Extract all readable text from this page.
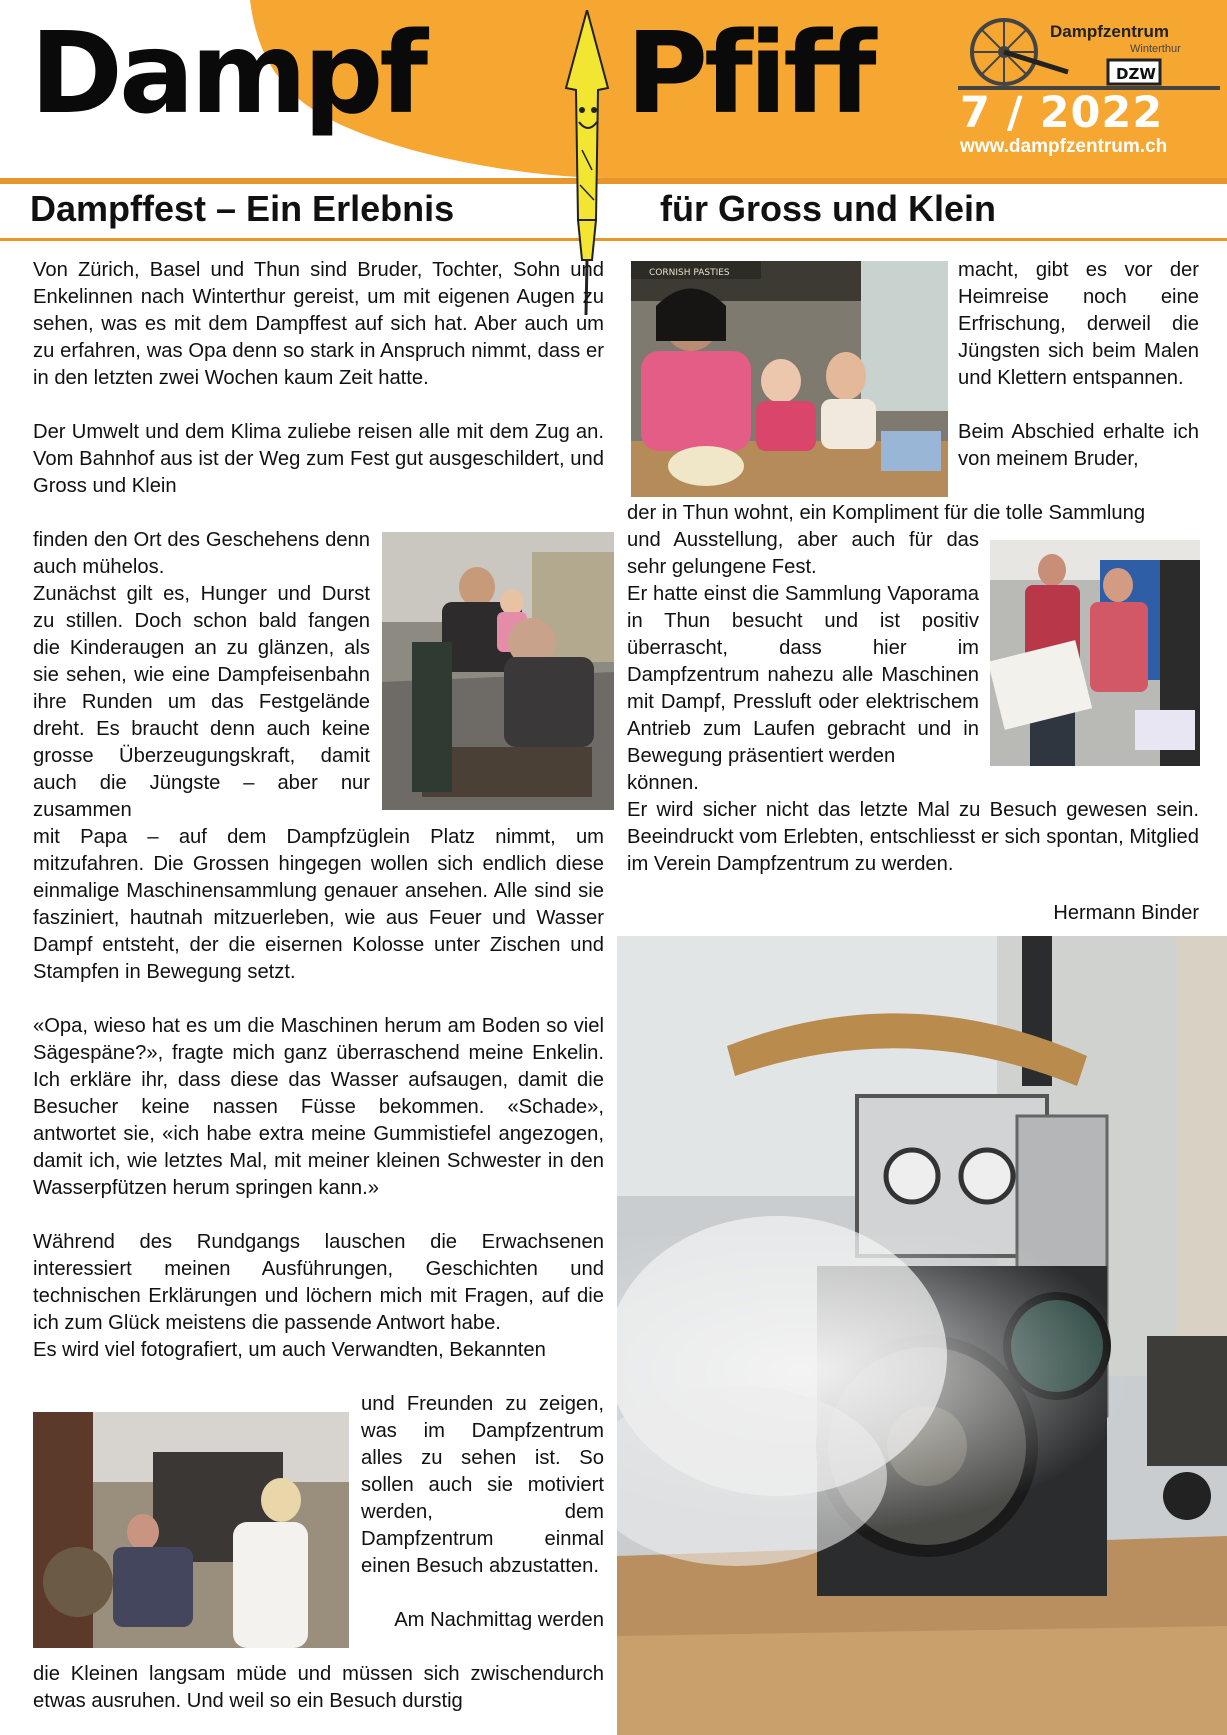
Dampf Pfiff	DZW
Dampfzentrum
Winterthur
7 / 2022
www.dampfzentrum.ch
Dampffest – Ein Erlebnis	für Gross und Klein

Von Zürich, Basel und Thun sind Bruder, Tochter, Sohn und Enkelinnen nach Winterthur gereist, um mit eigenen Augen zu sehen, was es mit dem Dampffest auf sich hat. Aber auch um zu erfahren, was Opa denn so stark in Anspruch nimmt, dass er in den letzten zwei Wochen kaum Zeit hatte.

Der Umwelt und dem Klima zuliebe reisen alle mit dem Zug an. Vom Bahnhof aus ist der Weg zum Fest gut ausgeschildert, und Gross und Klein

finden den Ort des Geschehens denn auch mühelos.

Zunächst gilt es, Hunger und Durst zu stillen. Doch schon bald fangen die Kinderaugen an zu glänzen, als sie sehen, wie eine Dampfeisenbahn ihre Runden um das Festgelände dreht. Es braucht denn auch keine grosse Überzeugungskraft, damit auch die Jüngste – aber nur zusammen

mit Papa – auf dem Dampfzüglein Platz nimmt, um mitzufahren. Die Grossen hingegen wollen sich endlich diese einmalige Maschinensammlung genauer ansehen. Alle sind sie fasziniert, hautnah mitzuerleben, wie aus Feuer und Wasser Dampf entsteht, der die eisernen Kolosse unter Zischen und Stampfen in Bewegung setzt.

«Opa, wieso hat es um die Maschinen herum am Boden so viel Sägespäne?», fragte mich ganz überraschend meine Enkelin. Ich erkläre ihr, dass diese das Wasser aufsaugen, damit die Besucher keine nassen Füsse bekommen. «Schade», antwortet sie, «ich habe extra meine Gummistiefel angezogen, damit ich, wie letztes Mal, mit meiner kleinen Schwester in den Wasserpfützen herum springen kann.»

Während des Rundgangs lauschen die Erwachsenen interessiert meinen Ausführungen, Geschichten und technischen Erklärungen und löchern mich mit Fragen, auf die ich zum Glück meistens die passende Antwort habe.

Es wird viel fotografiert, um auch Verwandten, Bekannten

und Freunden zu zeigen, was im Dampfzentrum alles zu sehen ist. So sollen auch sie motiviert werden, dem Dampfzentrum einmal einen Besuch abzustatten.

Am Nachmittag werden

die Kleinen langsam müde und müssen sich zwischendurch etwas ausruhen. Und weil so ein Besuch durstig

CORNISH PASTIES	macht, gibt es vor der Heimreise noch eine Erfrischung, derweil die Jüngsten sich beim Malen und Klettern entspannen.

Beim Abschied erhalte ich von meinem Bruder,

der in Thun wohnt, ein Kompliment für die tolle Sammlung

und Ausstellung, aber auch für das sehr gelungene Fest.

Er hatte einst die Sammlung Vaporama in Thun besucht und ist positiv überrascht, dass hier im Dampfzentrum nahezu alle Maschinen mit Dampf, Pressluft oder elektrischem Antrieb zum Laufen gebracht und in Bewegung präsentiert werden

können.

Er wird sicher nicht das letzte Mal zu Besuch gewesen sein. Beeindruckt vom Erlebten, entschliesst er sich spontan, Mitglied im Verein Dampfzentrum zu werden.

Hermann Binder
